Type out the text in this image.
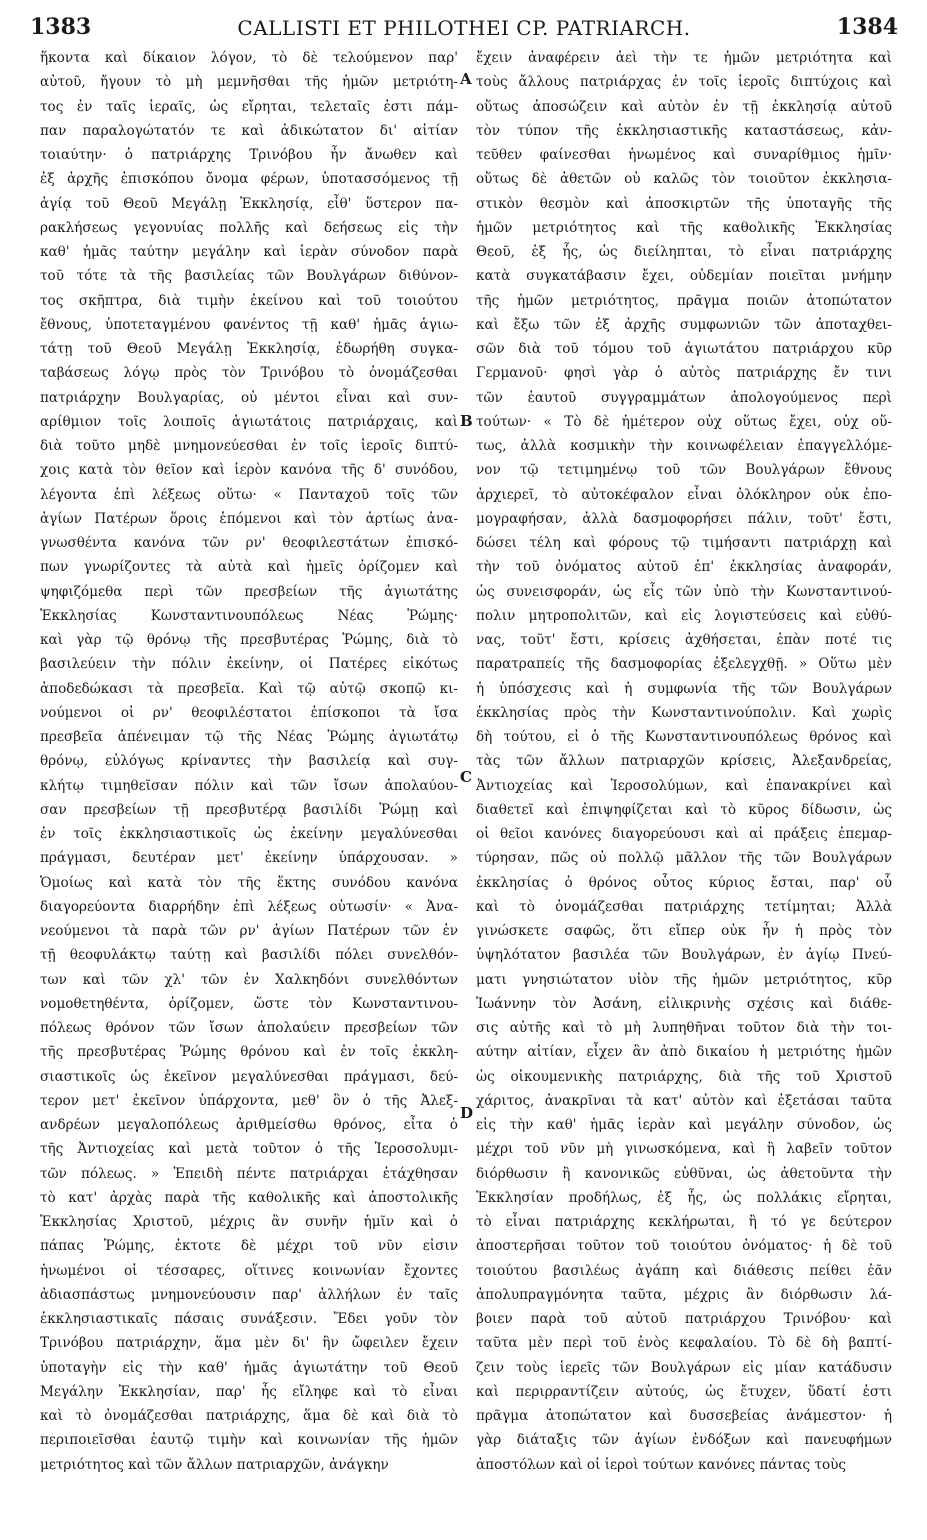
1383	CALLISTI ET PHILOTHEI CP. PATRIARCH.	1384
ἥκοντα καὶ δίκαιον λόγον, τὸ δὲ τελούμενον παρ'
αὐτοῦ, ἤγουν τὸ μὴ μεμνῆσθαι τῆς ἡμῶν μετριότη-
τος ἐν ταῖς ἱεραῖς, ὡς εἴρηται, τελεταῖς ἐστι πάμ-
παν παραλογώτατόν τε καὶ ἀδικώτατον δι' αἰτίαν
τοιαύτην· ὁ πατριάρχης Τρινόβου ἦν ἄνωθεν καὶ
ἐξ ἀρχῆς ἐπισκόπου ὄνομα φέρων, ὑποτασσόμενος τῇ
ἁγίᾳ τοῦ Θεοῦ Μεγάλῃ Ἐκκλησίᾳ, εἶθ' ὕστερον πα-
ρακλήσεως γεγονυίας πολλῆς καὶ δεήσεως εἰς τὴν
καθ' ἡμᾶς ταύτην μεγάλην καὶ ἱερὰν σύνοδον παρὰ
τοῦ τότε τὰ τῆς βασιλείας τῶν Βουλγάρων διθύνον-
τος σκῆπτρα, διὰ τιμὴν ἐκείνου καὶ τοῦ τοιούτου
ἔθνους, ὑποτεταγμένου φανέντος τῇ καθ' ἡμᾶς ἁγιω-
τάτῃ τοῦ Θεοῦ Μεγάλῃ Ἐκκλησίᾳ, ἐδωρήθη συγκα-
ταβάσεως λόγῳ πρὸς τὸν Τρινόβου τὸ ὀνομάζεσθαι
πατριάρχην Βουλγαρίας, οὐ μέντοι εἶναι καὶ συν-
αρίθμιον τοῖς λοιποῖς ἁγιωτάτοις πατριάρχαις, καὶ
διὰ τοῦτο μηδὲ μνημονεύεσθαι ἐν τοῖς ἱεροῖς διπτύ-
χοις κατὰ τὸν θεῖον καὶ ἱερὸν κανόνα τῆς δ' συνόδου,
λέγοντα ἐπὶ λέξεως οὕτω· « Πανταχοῦ τοῖς τῶν
ἁγίων Πατέρων ὅροις ἑπόμενοι καὶ τὸν ἀρτίως ἀνα-
γνωσθέντα κανόνα τῶν ρν' θεοφιλεστάτων ἐπισκό-
πων γνωρίζοντες τὰ αὐτὰ καὶ ἡμεῖς ὁρίζομεν καὶ
ψηφιζόμεθα περὶ τῶν πρεσβείων τῆς ἁγιωτάτης
Ἐκκλησίας Κωνσταντινουπόλεως Νέας Ῥώμης·
καὶ γὰρ τῷ θρόνῳ τῆς πρεσβυτέρας Ῥώμης, διὰ τὸ
βασιλεύειν τὴν πόλιν ἐκείνην, οἱ Πατέρες εἰκότως
ἀποδεδώκασι τὰ πρεσβεῖα. Καὶ τῷ αὐτῷ σκοπῷ κι-
νούμενοι οἱ ρν' θεοφιλέστατοι ἐπίσκοποι τὰ ἴσα
πρεσβεῖα ἀπένειμαν τῷ τῆς Νέας Ῥώμης ἁγιωτάτῳ
θρόνῳ, εὐλόγως κρίναντες τὴν βασιλείᾳ καὶ συγ-
κλήτῳ τιμηθεῖσαν πόλιν καὶ τῶν ἴσων ἀπολαύου-
σαν πρεσβείων τῇ πρεσβυτέρᾳ βασιλίδι Ῥώμῃ καὶ
ἐν τοῖς ἐκκλησιαστικοῖς ὡς ἐκείνην μεγαλύνεσθαι
πράγμασι, δευτέραν μετ' ἐκείνην ὑπάρχουσαν. »
Ὁμοίως καὶ κατὰ τὸν τῆς ἕκτης συνόδου κανόνα
διαγορεύοντα διαρρήδην ἐπὶ λέξεως οὑτωσίν· « Ἀνα-
νεούμενοι τὰ παρὰ τῶν ρν' ἁγίων Πατέρων τῶν ἐν
τῇ θεοφυλάκτῳ ταύτῃ καὶ βασιλίδι πόλει συνελθόν-
των καὶ τῶν χλ' τῶν ἐν Χαλκηδόνι συνελθόντων
νομοθετηθέντα, ὁρίζομεν, ὥστε τὸν Κωνσταντινου-
πόλεως θρόνον τῶν ἴσων ἀπολαύειν πρεσβείων τῶν
τῆς πρεσβυτέρας Ῥώμης θρόνου καὶ ἐν τοῖς ἐκκλη-
σιαστικοῖς ὡς ἐκεῖνον μεγαλύνεσθαι πράγμασι, δεύ-
τερον μετ' ἐκεῖνον ὑπάρχοντα, μεθ' ὃν ὁ τῆς Ἀλεξ-
ανδρέων μεγαλοπόλεως ἀριθμείσθω θρόνος, εἶτα ὁ
τῆς Ἀντιοχείας καὶ μετὰ τοῦτον ὁ τῆς Ἱεροσολυμι-
τῶν πόλεως. » Ἐπειδὴ πέντε πατριάρχαι ἐτάχθησαν
τὸ κατ' ἀρχὰς παρὰ τῆς καθολικῆς καὶ ἀποστολικῆς
Ἐκκλησίας Χριστοῦ, μέχρις ἂν συνῆν ἡμῖν καὶ ὁ
πάπας Ῥώμης, ἐκτοτε δὲ μέχρι τοῦ νῦν εἰσιν
ἡνωμένοι οἱ τέσσαρες, οἵτινες κοινωνίαν ἔχοντες
ἀδιασπάστως μνημονεύουσιν παρ' ἀλλήλων ἐν ταῖς
ἐκκλησιαστικαῖς πάσαις συνάξεσιν. Ἔδει γοῦν τὸν
Τρινόβου πατριάρχην, ἅμα μὲν δι' ἣν ὤφειλεν ἔχειν
ὑποταγὴν εἰς τὴν καθ' ἡμᾶς ἁγιωτάτην τοῦ Θεοῦ
Μεγάλην Ἐκκλησίαν, παρ' ἧς εἴληφε καὶ τὸ εἶναι
καὶ τὸ ὀνομάζεσθαι πατριάρχης, ἅμα δὲ καὶ διὰ τὸ
περιποιεῖσθαι ἑαυτῷ τιμὴν καὶ κοινωνίαν τῆς ἡμῶν
μετριότητος καὶ τῶν ἄλλων πατριαρχῶν, ἀνάγκην
ἔχειν ἀναφέρειν ἀεὶ τὴν τε ἡμῶν μετριότητα καὶ
τοὺς ἄλλους πατριάρχας ἐν τοῖς ἱεροῖς διπτύχοις καὶ
οὕτως ἀποσώζειν καὶ αὐτὸν ἐν τῇ ἐκκλησίᾳ αὐτοῦ
τὸν τύπον τῆς ἐκκλησιαστικῆς καταστάσεως, κἀν-
τεῦθεν φαίνεσθαι ἡνωμένος καὶ συναρίθμιος ἡμῖν·
οὕτως δὲ ἀθετῶν οὐ καλῶς τὸν τοιοῦτον ἐκκλησια-
στικὸν θεσμὸν καὶ ἀποσκιρτῶν τῆς ὑποταγῆς τῆς
ἡμῶν μετριότητος καὶ τῆς καθολικῆς Ἐκκλησίας
Θεοῦ, ἐξ ἧς, ὡς διείληπται, τὸ εἶναι πατριάρχης
κατὰ συγκατάβασιν ἔχει, οὐδεμίαν ποιεῖται μνήμην
τῆς ἡμῶν μετριότητος, πρᾶγμα ποιῶν ἀτοπώτατον
καὶ ἔξω τῶν ἐξ ἀρχῆς συμφωνιῶν τῶν ἀποταχθει-
σῶν διὰ τοῦ τόμου τοῦ ἁγιωτάτου πατριάρχου κῦρ
Γερμανοῦ· φησὶ γὰρ ὁ αὐτὸς πατριάρχης ἔν τινι
τῶν ἑαυτοῦ συγγραμμάτων ἀπολογούμενος περὶ
τούτων· « Τὸ δὲ ἡμέτερον οὐχ οὕτως ἔχει, οὐχ οὕ-
τως, ἀλλὰ κοσμικὴν τὴν κοινωφέλειαν ἐπαγγελλόμε-
νον τῷ τετιμημένῳ τοῦ τῶν Βουλγάρων ἔθνους
ἀρχιερεῖ, τὸ αὐτοκέφαλον εἶναι ὁλόκληρον οὐκ ἐπο-
μογραφήσαν, ἀλλὰ δασμοφορήσει πάλιν, τοῦτ' ἔστι,
δώσει τέλη καὶ φόρους τῷ τιμήσαντι πατριάρχῃ καὶ
τὴν τοῦ ὀνόματος αὐτοῦ ἐπ' ἐκκλησίας ἀναφοράν,
ὡς συνεισφοράν, ὡς εἷς τῶν ὑπὸ τὴν Κωνσταντινού-
πολιν μητροπολιτῶν, καὶ εἰς λογιστεύσεις καὶ εὐθύ-
νας, τοῦτ' ἔστι, κρίσεις ἀχθήσεται, ἐπὰν ποτέ τις
παρατραπείς τῆς δασμοφορίας ἐξελεγχθῇ. » Οὕτω μὲν
ἡ ὑπόσχεσις καὶ ἡ συμφωνία τῆς τῶν Βουλγάρων
ἐκκλησίας πρὸς τὴν Κωνσταντινούπολιν. Καὶ χωρὶς
δὴ τούτου, εἰ ὁ τῆς Κωνσταντινουπόλεως θρόνος καὶ
τὰς τῶν ἄλλων πατριαρχῶν κρίσεις, Ἀλεξανδρείας,
Ἀντιοχείας καὶ Ἱεροσολύμων, καὶ ἐπανακρίνει καὶ
διαθετεῖ καὶ ἐπιψηφίζεται καὶ τὸ κῦρος δίδωσιν, ὡς
οἱ θεῖοι κανόνες διαγορεύουσι καὶ αἱ πράξεις ἐπεμαρ-
τύρησαν, πῶς οὐ πολλῷ μᾶλλον τῆς τῶν Βουλγάρων
ἐκκλησίας ὁ θρόνος οὗτος κύριος ἔσται, παρ' οὗ
καὶ τὸ ὀνομάζεσθαι πατριάρχης τετίμηται; Ἀλλὰ
γινώσκετε σαφῶς, ὅτι εἴπερ οὐκ ἦν ἡ πρὸς τὸν
ὑψηλότατον βασιλέα τῶν Βουλγάρων, ἐν ἁγίῳ Πνεύ-
ματι γνησιώτατον υἱὸν τῆς ἡμῶν μετριότητος, κῦρ
Ἰωάννην τὸν Ἀσάνη, εἰλικρινὴς σχέσις καὶ διάθε-
σις αὐτῆς καὶ τὸ μὴ λυπηθῆναι τοῦτον διὰ τὴν τοι-
αύτην αἰτίαν, εἶχεν ἂν ἀπὸ δικαίου ἡ μετριότης ἡμῶν
ὡς οἰκουμενικὴς πατριάρχης, διὰ τῆς τοῦ Χριστοῦ
χάριτος, ἀνακρῖναι τὰ κατ' αὐτὸν καὶ ἐξετάσαι ταῦτα
εἰς τὴν καθ' ἡμᾶς ἱερὰν καὶ μεγάλην σύνοδον, ὡς
μέχρι τοῦ νῦν μὴ γινωσκόμενα, καὶ ἢ λαβεῖν τοῦτον
διόρθωσιν ἢ κανονικῶς εὐθῦναι, ὡς ἀθετοῦντα τὴν
Ἐκκλησίαν προδήλως, ἐξ ἧς, ὡς πολλάκις εἴρηται,
τὸ εἶναι πατριάρχης κεκλήρωται, ἢ τό γε δεύτερον
ἀποστερῆσαι τοῦτον τοῦ τοιούτου ὀνόματος· ἡ δὲ τοῦ
τοιούτου βασιλέως ἀγάπη καὶ διάθεσις πείθει ἐᾶν
ἀπολυπραγμόνητα ταῦτα, μέχρις ἂν διόρθωσιν λά-
βοιεν παρὰ τοῦ αὐτοῦ πατριάρχου Τρινόβου· καὶ
ταῦτα μὲν περὶ τοῦ ἑνὸς κεφαλαίου. Τὸ δὲ δὴ βαπτί-
ζειν τοὺς ἱερεῖς τῶν Βουλγάρων εἰς μίαν κατάδυσιν
καὶ περιρραντίζειν αὐτούς, ὡς ἔτυχεν, ὕδατί ἐστι
πρᾶγμα ἀτοπώτατον καὶ δυσσεβείας ἀνάμεστον· ἡ
γὰρ διάταξις τῶν ἁγίων ἐνδόξων καὶ πανευφήμων
ἀποστόλων καὶ οἱ ἱεροὶ τούτων κανόνες πάντας τοὺς
A
B
C
D
